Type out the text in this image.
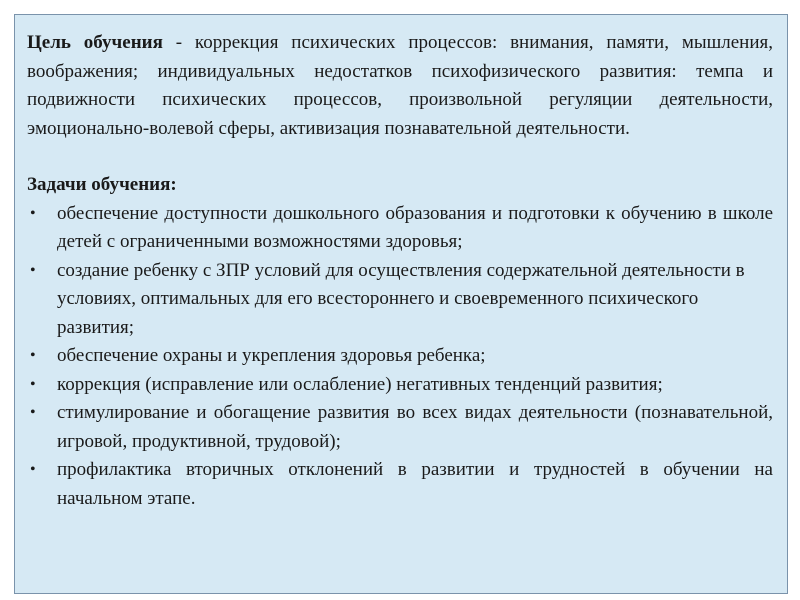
Цель обучения - коррекция психических процессов: внимания, памяти, мышления, воображения; индивидуальных недостатков психофизического развития: темпа и подвижности психических процессов, произвольной регуляции деятельности, эмоционально-волевой сферы, активизация познавательной деятельности.

Задачи обучения:
• обеспечение доступности дошкольного образования и подготовки к обучению в школе детей с ограниченными возможностями здоровья;
• создание ребенку с ЗПР условий для осуществления содержательной деятельности в условиях, оптимальных для его всестороннего и своевременного психического развития;
• обеспечение охраны и укрепления здоровья ребенка;
• коррекция (исправление или ослабление) негативных тенденций развития;
• стимулирование и обогащение развития во всех видах деятельности (познавательной, игровой, продуктивной, трудовой);
• профилактика вторичных отклонений в развитии и трудностей в обучении на начальном этапе.
